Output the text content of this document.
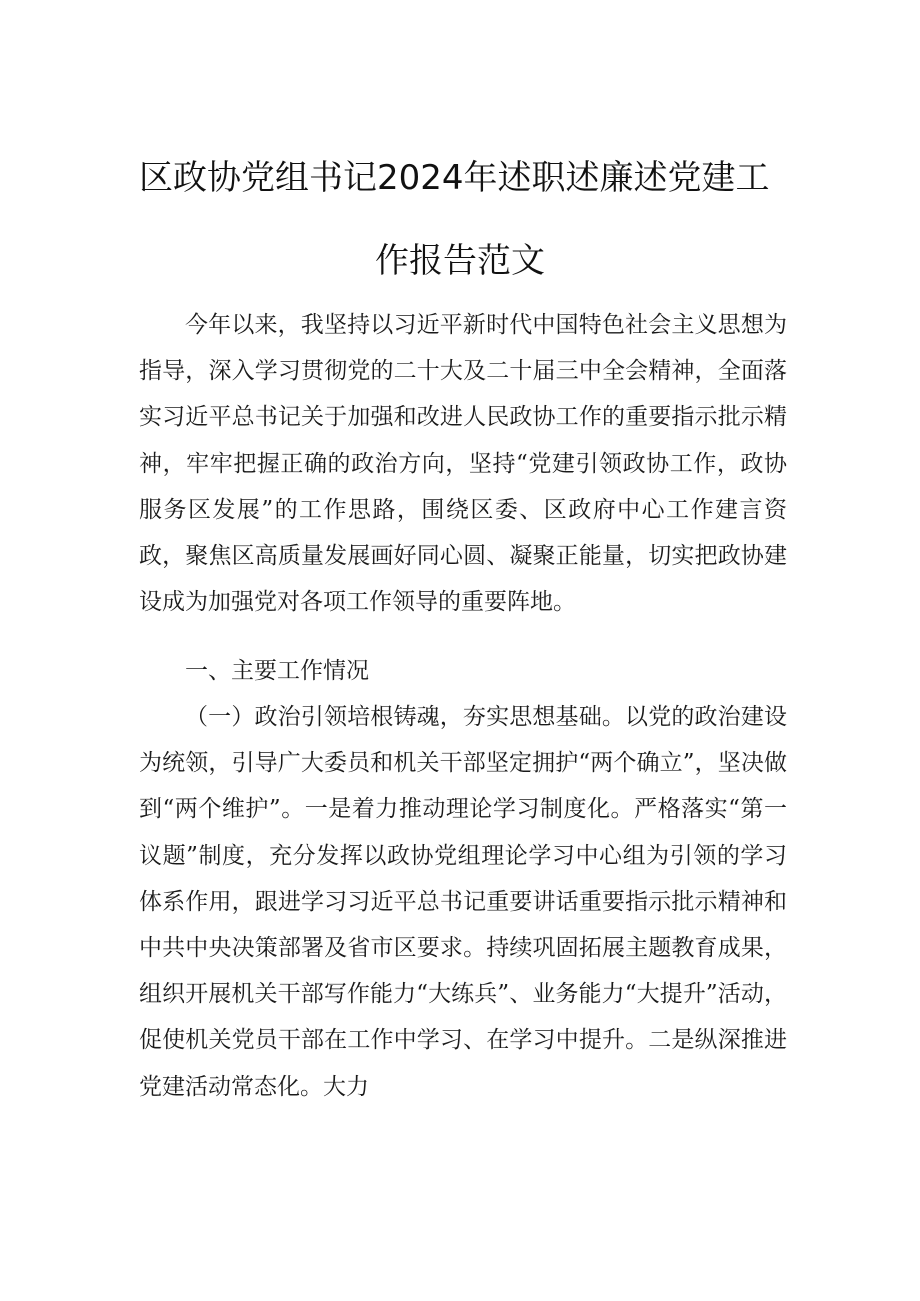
区政协党组书记2024年述职述廉述党建工
作报告范文

今年以来，我坚持以习近平新时代中国特色社会主义思想为指导，深入学习贯彻党的二十大及二十届三中全会精神，全面落实习近平总书记关于加强和改进人民政协工作的重要指示批示精神，牢牢把握正确的政治方向，坚持“党建引领政协工作，政协服务区发展”的工作思路，围绕区委、区政府中心工作建言资政，聚焦区高质量发展画好同心圆、凝聚正能量，切实把政协建设成为加强党对各项工作领导的重要阵地。

一、主要工作情况

（一）政治引领培根铸魂，夯实思想基础。以党的政治建设为统领，引导广大委员和机关干部坚定拥护“两个确立”，坚决做到“两个维护”。一是着力推动理论学习制度化。严格落实“第一议题”制度，充分发挥以政协党组理论学习中心组为引领的学习体系作用，跟进学习习近平总书记重要讲话重要指示批示精神和中共中央决策部署及省市区要求。持续巩固拓展主题教育成果，组织开展机关干部写作能力“大练兵”、业务能力“大提升”活动，促使机关党员干部在工作中学习、在学习中提升。二是纵深推进党建活动常态化。大力
